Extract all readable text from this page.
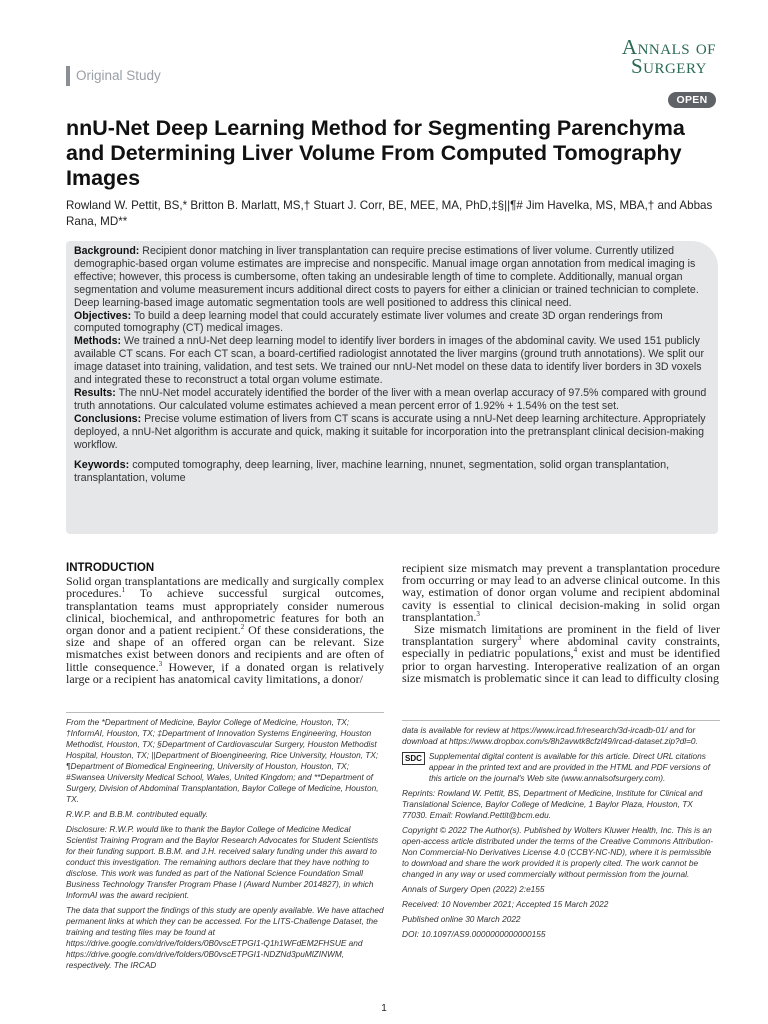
Original Study
Annals of
Surgery
OPEN
nnU-Net Deep Learning Method for Segmenting Parenchyma and Determining Liver Volume From Computed Tomography Images

Rowland W. Pettit, BS,* Britton B. Marlatt, MS,† Stuart J. Corr, BE, MEE, MA, PhD,‡§||¶# Jim Havelka, MS, MBA,† and Abbas Rana, MD**

Background: Recipient donor matching in liver transplantation can require precise estimations of liver volume. Currently utilized demographic-based organ volume estimates are imprecise and nonspecific. Manual image organ annotation from medical imaging is effective; however, this process is cumbersome, often taking an undesirable length of time to complete. Additionally, manual organ segmentation and volume measurement incurs additional direct costs to payers for either a clinician or trained technician to complete. Deep learning-based image automatic segmentation tools are well positioned to address this clinical need.

Objectives: To build a deep learning model that could accurately estimate liver volumes and create 3D organ renderings from computed tomography (CT) medical images.

Methods: We trained a nnU-Net deep learning model to identify liver borders in images of the abdominal cavity. We used 151 publicly available CT scans. For each CT scan, a board-certified radiologist annotated the liver margins (ground truth annotations). We split our image dataset into training, validation, and test sets. We trained our nnU-Net model on these data to identify liver borders in 3D voxels and integrated these to reconstruct a total organ volume estimate.

Results: The nnU-Net model accurately identified the border of the liver with a mean overlap accuracy of 97.5% compared with ground truth annotations. Our calculated volume estimates achieved a mean percent error of 1.92% + 1.54% on the test set.

Conclusions: Precise volume estimation of livers from CT scans is accurate using a nnU-Net deep learning architecture. Appropriately deployed, a nnU-Net algorithm is accurate and quick, making it suitable for incorporation into the pretransplant clinical decision-making workflow.

Keywords: computed tomography, deep learning, liver, machine learning, nnunet, segmentation, solid organ transplantation, transplantation, volume

INTRODUCTION

Solid organ transplantations are medically and surgically complex procedures.$^1$ To achieve successful surgical outcomes, transplantation teams must appropriately consider numerous clinical, biochemical, and anthropometric features for both an organ donor and a patient recipient.$^2$ Of these considerations, the size and shape of an offered organ can be relevant. Size mismatches exist between donors and recipients and are often of little consequence.$^3$ However, if a donated organ is relatively large or a recipient has anatomical cavity limitations, a donor/

recipient size mismatch may prevent a transplantation procedure from occurring or may lead to an adverse clinical outcome. In this way, estimation of donor organ volume and recipient abdominal cavity is essential to clinical decision-making in solid organ transplantation.$^3$

Size mismatch limitations are prominent in the field of liver transplantation surgery$^3$ where abdominal cavity constraints, especially in pediatric populations,$^4$ exist and must be identified prior to organ harvesting. Interoperative realization of an organ size mismatch is problematic since it can lead to difficulty closing

From the *Department of Medicine, Baylor College of Medicine, Houston, TX; †InformAI, Houston, TX; ‡Department of Innovation Systems Engineering, Houston Methodist, Houston, TX; §Department of Cardiovascular Surgery, Houston Methodist Hospital, Houston, TX; ||Department of Bioengineering, Rice University, Houston, TX; ¶Department of Biomedical Engineering, University of Houston, Houston, TX; #Swansea University Medical School, Wales, United Kingdom; and **Department of Surgery, Division of Abdominal Transplantation, Baylor College of Medicine, Houston, TX.

R.W.P. and B.B.M. contributed equally.

Disclosure: R.W.P. would like to thank the Baylor College of Medicine Medical Scientist Training Program and the Baylor Research Advocates for Student Scientists for their funding support. B.B.M. and J.H. received salary funding under this award to conduct this investigation. The remaining authors declare that they have nothing to disclose. This work was funded as part of the National Science Foundation Small Business Technology Transfer Program Phase I (Award Number 2014827), in which InformAI was the award recipient.

The data that support the findings of this study are openly available. We have attached permanent links at which they can be accessed. For the LITS-Challenge Dataset, the training and testing files may be found at https://drive.google.com/drive/folders/0B0vscETPGI1-Q1h1WFdEM2FHSUE and https://drive.google.com/drive/folders/0B0vscETPGI1-NDZNd3puMlZINWM, respectively. The IRCAD

data is available for review at https://www.ircad.fr/research/3d-ircadb-01/ and for download at https://www.dropbox.com/s/8h2avwtk8cfzl49/ircad-dataset.zip?dl=0.

SDC Supplemental digital content is available for this article. Direct URL citations appear in the printed text and are provided in the HTML and PDF versions of this article on the journal's Web site (www.annalsofsurgery.com).

Reprints: Rowland W. Pettit, BS, Department of Medicine, Institute for Clinical and Translational Science, Baylor College of Medicine, 1 Baylor Plaza, Houston, TX 77030. Email: Rowland.Pettit@bcm.edu.

Copyright © 2022 The Author(s). Published by Wolters Kluwer Health, Inc. This is an open-access article distributed under the terms of the Creative Commons Attribution-Non Commercial-No Derivatives License 4.0 (CCBY-NC-ND), where it is permissible to download and share the work provided it is properly cited. The work cannot be changed in any way or used commercially without permission from the journal.

Annals of Surgery Open (2022) 2:e155

Received: 10 November 2021; Accepted 15 March 2022

Published online 30 March 2022

DOI: 10.1097/AS9.0000000000000155

1
